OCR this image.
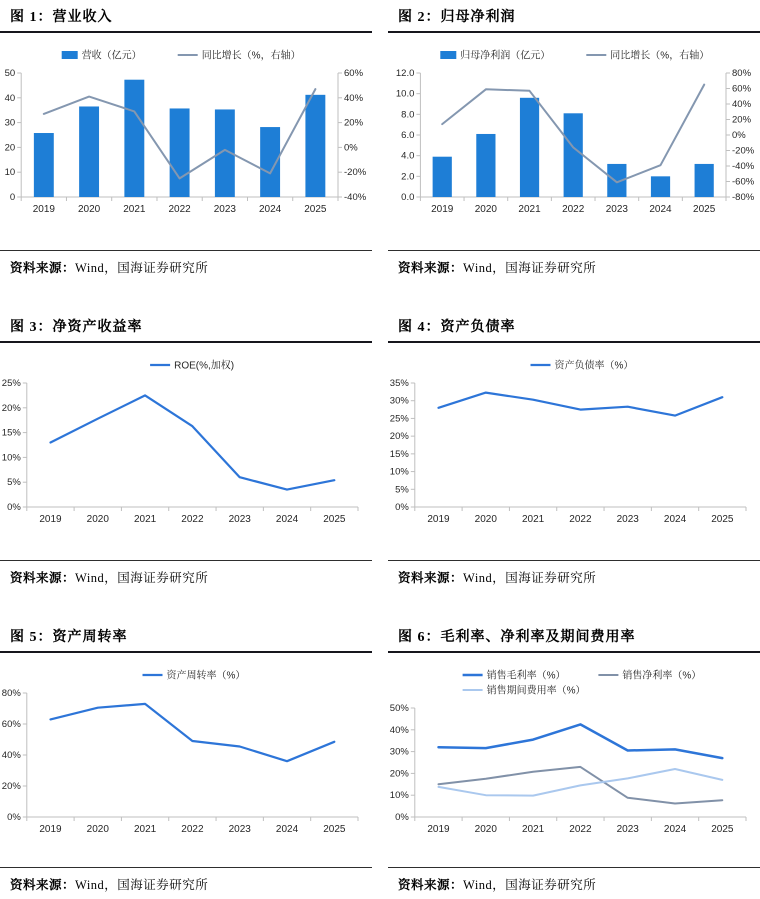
图 1：营业收入
营收（亿元）	同比增长（%，右轴）
0
10
20
30
40
50
-40%
-20%
0%
20%
40%
60%
2019 2020 2021 2022 2023 2024 2025

资料来源：Wind，国海证券研究所

图 2：归母净利润
归母净利润（亿元）	同比增长（%，右轴）
0.0
2.0
4.0
6.0
8.0
10.0
12.0
-80%
-60%
-40%
-20%
0%
20%
40%
60%
80%
2019 2020 2021 2022 2023 2024 2025

资料来源：Wind，国海证券研究所

图 3：净资产收益率
ROE(%,加权)
0%
5%
10%
15%
20%
25%
2019	2020	2021	2022	2023	2024	2025

资料来源：Wind，国海证券研究所

图 4：资产负债率
资产负债率（%）
0%
5%
10%
15%
20%
25%
30%
35%
2019	2020	2021	2022	2023	2024	2025

资料来源：Wind，国海证券研究所

图 5：资产周转率
资产周转率（%）
0%
20%
40%
60%
80%
2019	2020	2021	2022	2023	2024	2025

资料来源：Wind，国海证券研究所

图 6：毛利率、净利率及期间费用率
销售毛利率（%）	销售净利率（%）
销售期间费用率（%）
0%
10%
20%
30%
40%
50%
2019	2020	2021	2022	2023	2024	2025

资料来源：Wind，国海证券研究所
